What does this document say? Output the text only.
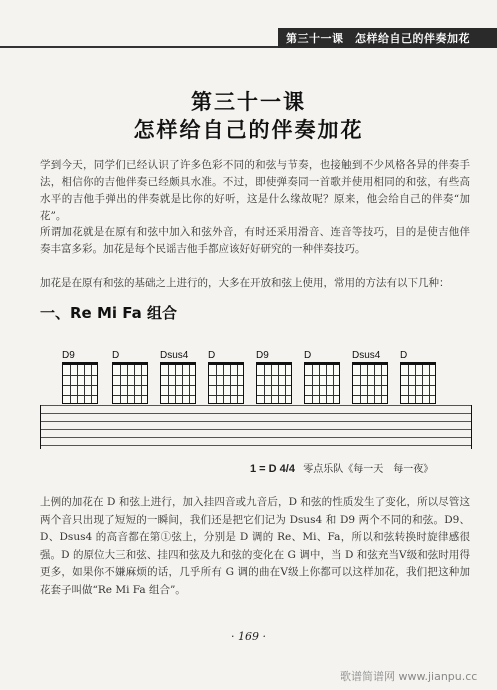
第三十一课　怎样给自己的伴奏加花
第三十一课
怎样给自己的伴奏加花
学到今天，同学们已经认识了许多色彩不同的和弦与节奏，也接触到不少风格各异的伴奏手法，相信你的吉他伴奏已经颇具水准。不过，即使弹奏同一首歌并使用相同的和弦，有些高水平的吉他手弹出的伴奏就是比你的好听，这是什么缘故呢？原来，他会给自己的伴奏“加花”。
所谓加花就是在原有和弦中加入和弦外音，有时还采用滑音、连音等技巧，目的是使吉他伴奏丰富多彩。加花是每个民谣吉他手都应该好好研究的一种伴奏技巧。
加花是在原有和弦的基础之上进行的，大多在开放和弦上使用，常用的方法有以下几种：
一、Re Mi Fa 组合
D9	D	Dsus4	D	D9	D	Dsus4	D
1 = D 4/4 零点乐队《每一天　每一夜》
上例的加花在 D 和弦上进行，加入挂四音或九音后，D 和弦的性质发生了变化，所以尽管这两个音只出现了短短的一瞬间，我们还是把它们记为 Dsus4 和 D9 两个不同的和弦。D9、D、Dsus4 的高音都在第①弦上，分别是 D 调的 Re、Mi、Fa，所以和弦转换时旋律感很强。D 的原位大三和弦、挂四和弦及九和弦的变化在 G 调中，当 D 和弦充当Ⅴ级和弦时用得更多，如果你不嫌麻烦的话，几乎所有 G 调的曲在Ⅴ级上你都可以这样加花，我们把这种加花套子叫做“Re Mi Fa 组合”。
· 169 ·
歌谱简谱网 www.jianpu.cc
